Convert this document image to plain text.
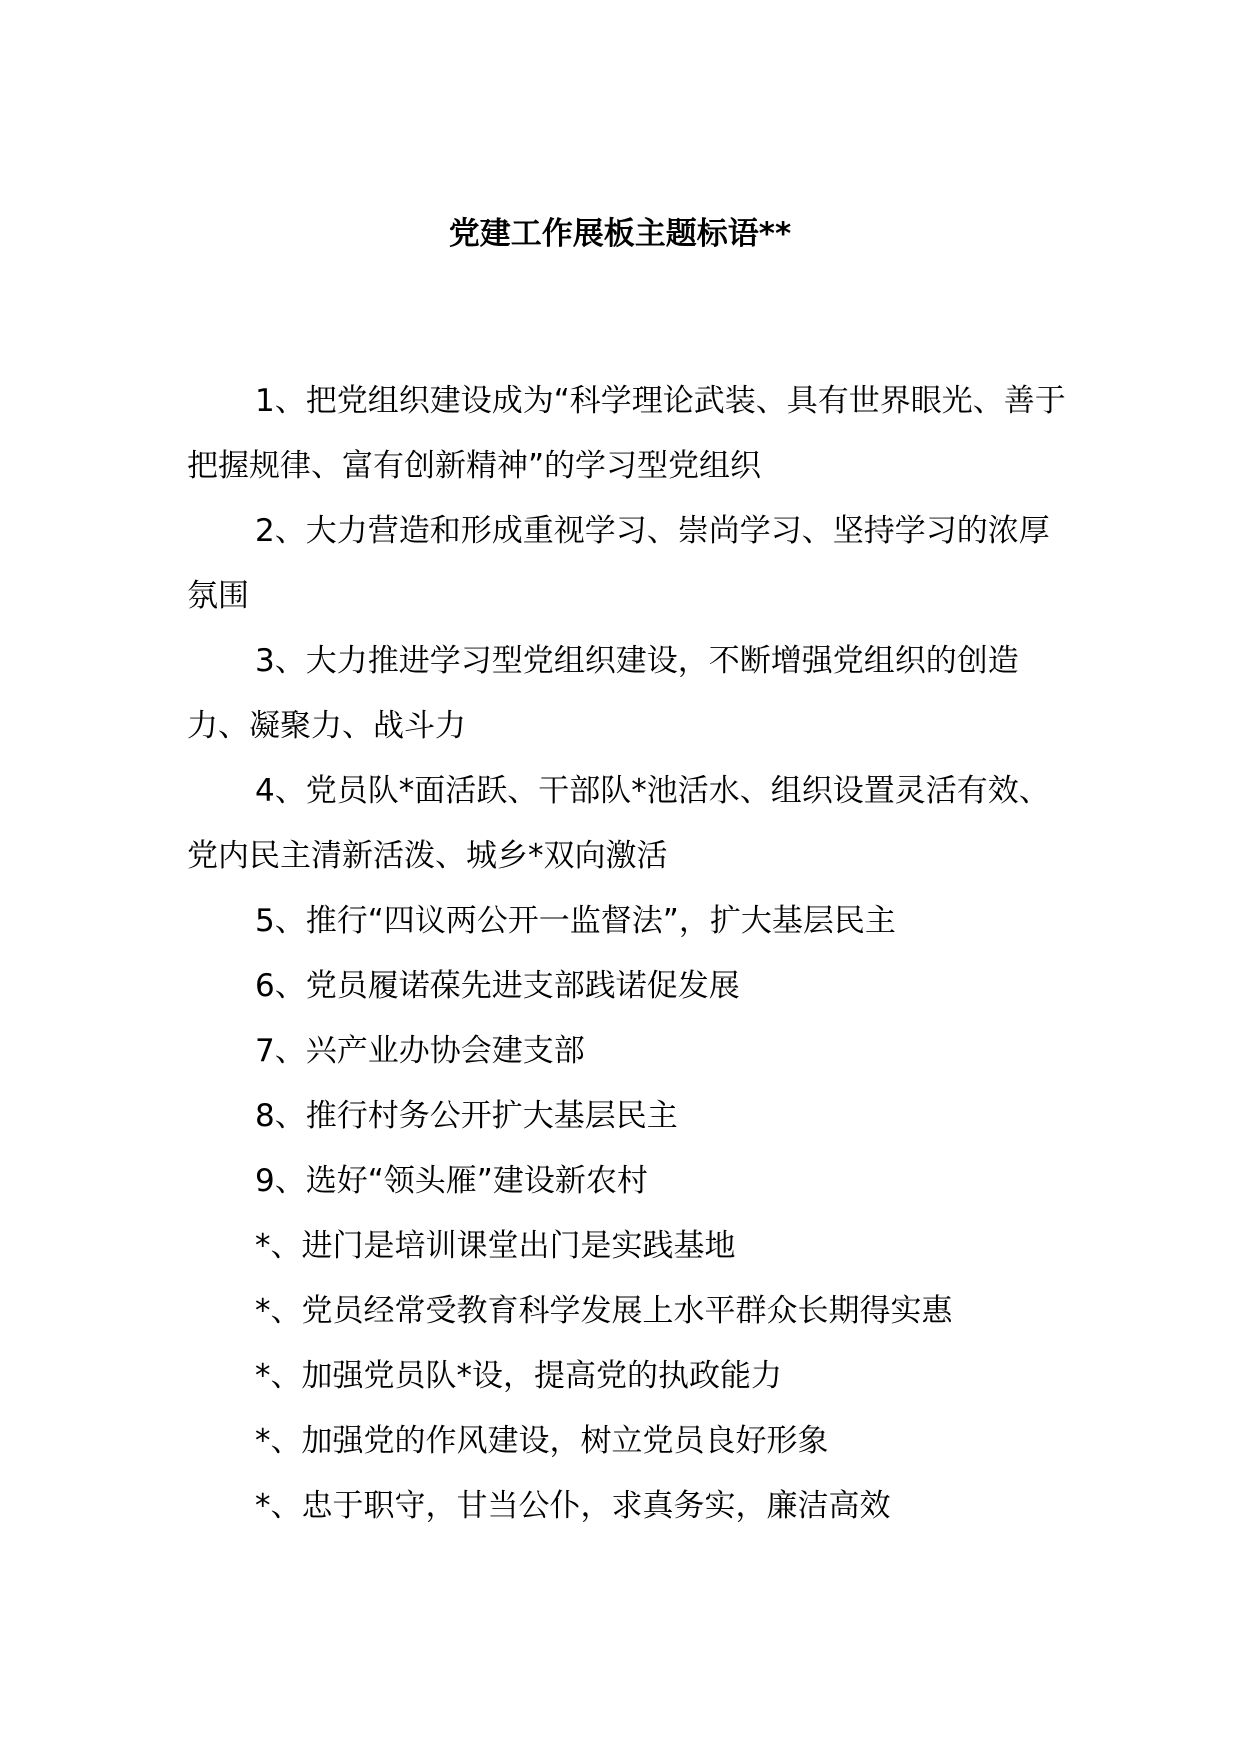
党建工作展板主题标语**

1、把党组织建设成为“科学理论武装、具有世界眼光、善于把握规律、富有创新精神”的学习型党组织

2、大力营造和形成重视学习、崇尚学习、坚持学习的浓厚氛围

3、大力推进学习型党组织建设，不断增强党组织的创造力、凝聚力、战斗力

4、党员队*面活跃、干部队*池活水、组织设置灵活有效、党内民主清新活泼、城乡*双向激活

5、推行“四议两公开一监督法”，扩大基层民主

6、党员履诺葆先进支部践诺促发展

7、兴产业办协会建支部

8、推行村务公开扩大基层民主

9、选好“领头雁”建设新农村

*、进门是培训课堂出门是实践基地

*、党员经常受教育科学发展上水平群众长期得实惠

*、加强党员队*设，提高党的执政能力

*、加强党的作风建设，树立党员良好形象

*、忠于职守，甘当公仆，求真务实，廉洁高效
